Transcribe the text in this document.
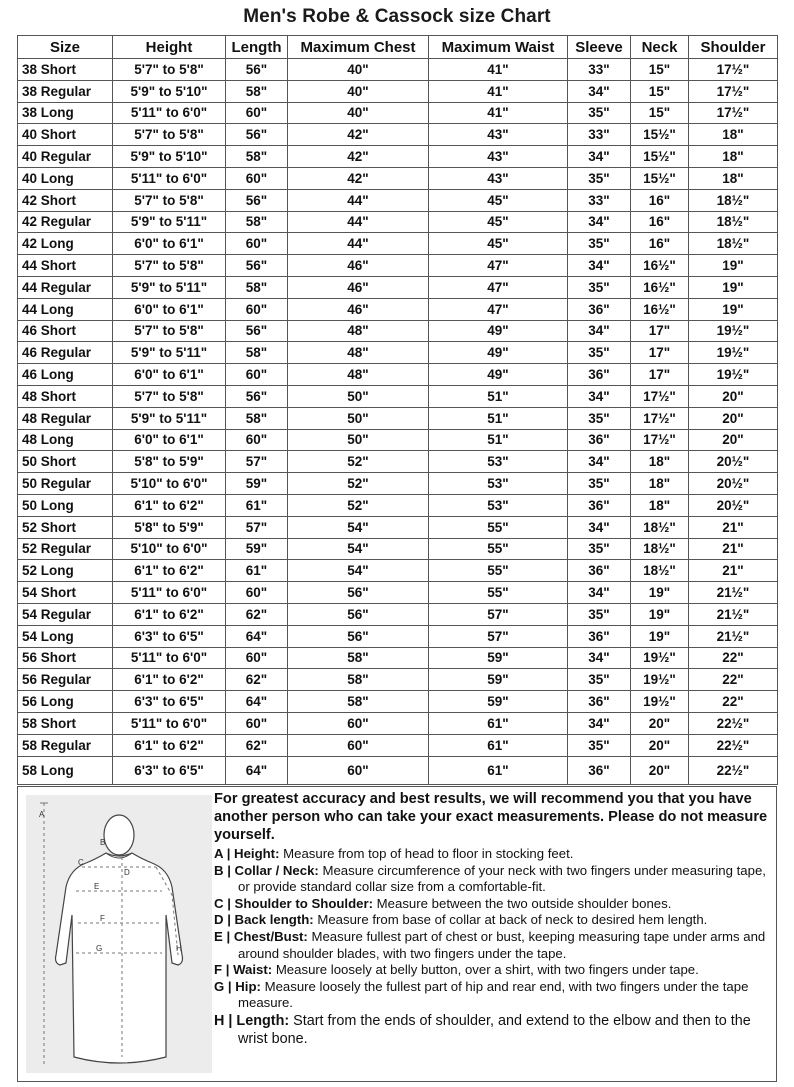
Men's Robe & Cassock size Chart
Size	Height	Length	Maximum Chest	Maximum Waist	Sleeve	Neck	Shoulder
38 Short	5'7" to 5'8"	56"	40"	41"	33"	15"	17½"
38 Regular	5'9" to 5'10"	58"	40"	41"	34"	15"	17½"
38 Long	5'11" to 6'0"	60"	40"	41"	35"	15"	17½"
40 Short	5'7" to 5'8"	56"	42"	43"	33"	15½"	18"
40 Regular	5'9" to 5'10"	58"	42"	43"	34"	15½"	18"
40 Long	5'11" to 6'0"	60"	42"	43"	35"	15½"	18"
42 Short	5'7" to 5'8"	56"	44"	45"	33"	16"	18½"
42 Regular	5'9" to 5'11"	58"	44"	45"	34"	16"	18½"
42 Long	6'0" to 6'1"	60"	44"	45"	35"	16"	18½"
44 Short	5'7" to 5'8"	56"	46"	47"	34"	16½"	19"
44 Regular	5'9" to 5'11"	58"	46"	47"	35"	16½"	19"
44 Long	6'0" to 6'1"	60"	46"	47"	36"	16½"	19"
46 Short	5'7" to 5'8"	56"	48"	49"	34"	17"	19½"
46 Regular	5'9" to 5'11"	58"	48"	49"	35"	17"	19½"
46 Long	6'0" to 6'1"	60"	48"	49"	36"	17"	19½"
48 Short	5'7" to 5'8"	56"	50"	51"	34"	17½"	20"
48 Regular	5'9" to 5'11"	58"	50"	51"	35"	17½"	20"
48 Long	6'0" to 6'1"	60"	50"	51"	36"	17½"	20"
50 Short	5'8" to 5'9"	57"	52"	53"	34"	18"	20½"
50 Regular	5'10" to 6'0"	59"	52"	53"	35"	18"	20½"
50 Long	6'1" to 6'2"	61"	52"	53"	36"	18"	20½"
52 Short	5'8" to 5'9"	57"	54"	55"	34"	18½"	21"
52 Regular	5'10" to 6'0"	59"	54"	55"	35"	18½"	21"
52 Long	6'1" to 6'2"	61"	54"	55"	36"	18½"	21"
54 Short	5'11" to 6'0"	60"	56"	55"	34"	19"	21½"
54 Regular	6'1" to 6'2"	62"	56"	57"	35"	19"	21½"
54 Long	6'3" to 6'5"	64"	56"	57"	36"	19"	21½"
56 Short	5'11" to 6'0"	60"	58"	59"	34"	19½"	22"
56 Regular	6'1" to 6'2"	62"	58"	59"	35"	19½"	22"
56 Long	6'3" to 6'5"	64"	58"	59"	36"	19½"	22"
58 Short	5'11" to 6'0"	60"	60"	61"	34"	20"	22½"
58 Regular	6'1" to 6'2"	62"	60"	61"	35"	20"	22½"
58 Long	6'3" to 6'5"	64"	60"	61"	36"	20"	22½"
A
B
C
D
E
F
G	H
For greatest accuracy and best results, we will recommend you that you have another person who can take your exact measurements. Please do not measure yourself.
A | Height: Measure from top of head to floor in stocking feet.
B | Collar / Neck: Measure circumference of your neck with two fingers under measuring tape, or provide standard collar size from a comfortable-fit.
C | Shoulder to Shoulder: Measure between the two outside shoulder bones.
D | Back length: Measure from base of collar at back of neck to desired hem length.
E | Chest/Bust: Measure fullest part of chest or bust, keeping measuring tape under arms and around shoulder blades, with two fingers under the tape.
F | Waist: Measure loosely at belly button, over a shirt, with two fingers under tape.
G | Hip: Measure loosely the fullest part of hip and rear end, with two fingers under the tape measure.
H | Length: Start from the ends of shoulder, and extend to the elbow and then to the wrist bone.
